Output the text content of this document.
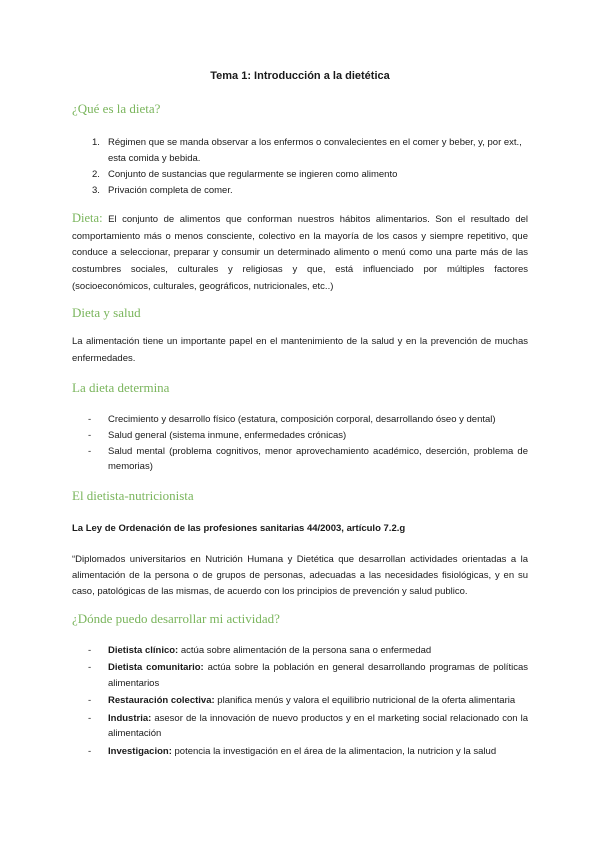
Tema 1: Introducción a la dietética
¿Qué es la dieta?
1. Régimen que se manda observar a los enfermos o convalecientes en el comer y beber, y, por ext., esta comida y bebida.
2. Conjunto de sustancias que regularmente se ingieren como alimento
3. Privación completa de comer.
Dieta: El conjunto de alimentos que conforman nuestros hábitos alimentarios. Son el resultado del comportamiento más o menos consciente, colectivo en la mayoría de los casos y siempre repetitivo, que conduce a seleccionar, preparar y consumir un determinado alimento o menú como una parte más de las costumbres sociales, culturales y religiosas y que, está influenciado por múltiples factores (socioeconómicos, culturales, geográficos, nutricionales, etc..)
Dieta y salud
La alimentación tiene un importante papel en el mantenimiento de la salud y en la prevención de muchas enfermedades.
La dieta determina
-	Crecimiento y desarrollo físico (estatura, composición corporal, desarrollando óseo y dental)
-	Salud general (sistema inmune, enfermedades crónicas)
-	Salud mental (problema cognitivos, menor aprovechamiento académico, deserción, problema de memorias)
El dietista-nutricionista
La Ley de Ordenación de las profesiones sanitarias 44/2003, artículo 7.2.g
“Diplomados universitarios en Nutrición Humana y Dietética que desarrollan actividades orientadas a la alimentación de la persona o de grupos de personas, adecuadas a las necesidades fisiológicas, y en su caso, patológicas de las mismas, de acuerdo con los principios de prevención y salud publico.
¿Dónde puedo desarrollar mi actividad?
-	Dietista clínico: actúa sobre alimentación de la persona sana o enfermedad
-	Dietista comunitario: actúa sobre la población en general desarrollando programas de políticas alimentarios
-	Restauración colectiva: planifica menús y valora el equilibrio nutricional de la oferta alimentaria
-	Industria: asesor de la innovación de nuevo productos y en el marketing social relacionado con la alimentación
-	Investigacion: potencia la investigación en el área de la alimentacion, la nutricion y la salud
